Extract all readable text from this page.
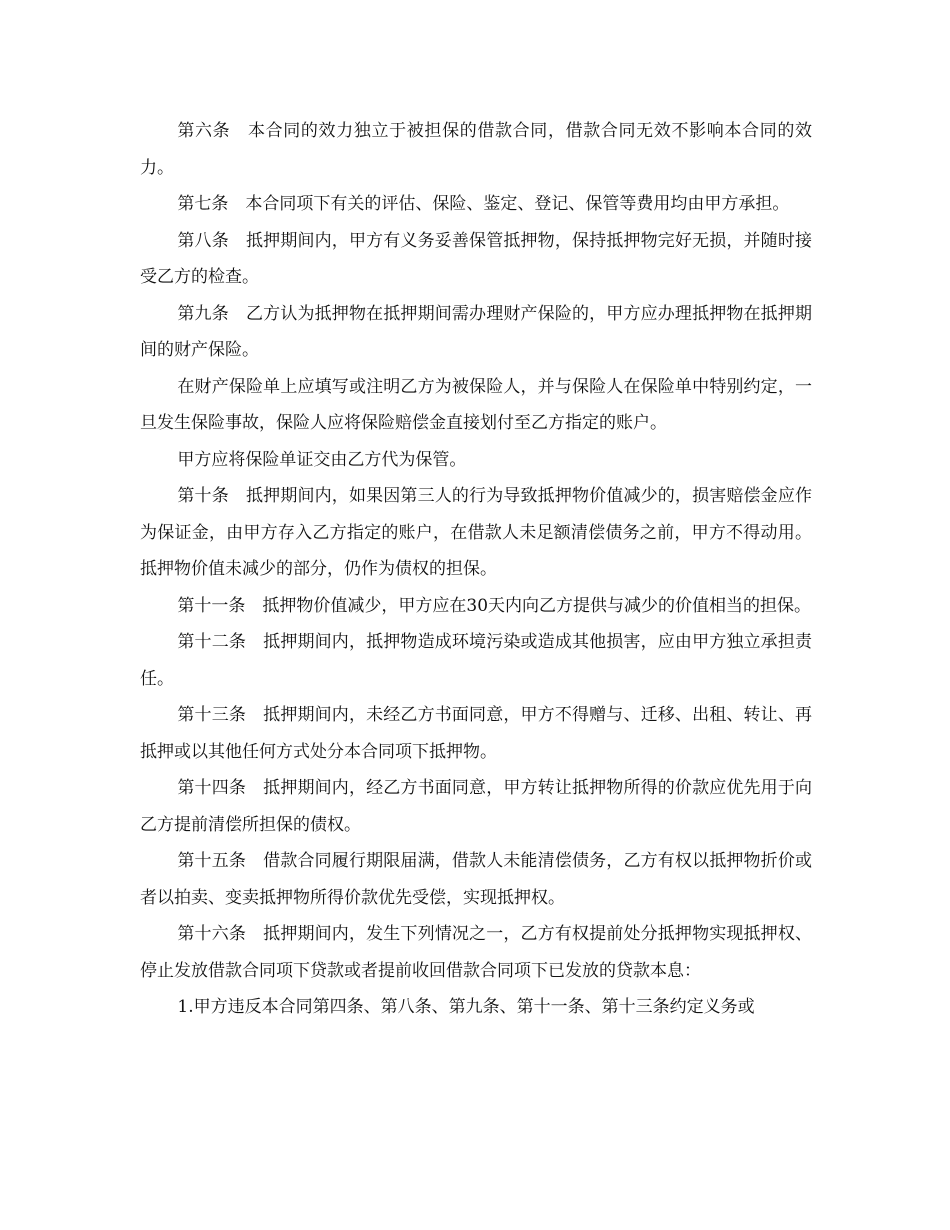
第六条　本合同的效力独立于被担保的借款合同，借款合同无效不影响本合同的效力。

第七条　本合同项下有关的评估、保险、鉴定、登记、保管等费用均由甲方承担。

第八条　抵押期间内，甲方有义务妥善保管抵押物，保持抵押物完好无损，并随时接受乙方的检查。

第九条　乙方认为抵押物在抵押期间需办理财产保险的，甲方应办理抵押物在抵押期间的财产保险。

在财产保险单上应填写或注明乙方为被保险人，并与保险人在保险单中特别约定，一旦发生保险事故，保险人应将保险赔偿金直接划付至乙方指定的账户。

甲方应将保险单证交由乙方代为保管。

第十条　抵押期间内，如果因第三人的行为导致抵押物价值减少的，损害赔偿金应作为保证金，由甲方存入乙方指定的账户，在借款人未足额清偿债务之前，甲方不得动用。抵押物价值未减少的部分，仍作为债权的担保。

第十一条　抵押物价值减少，甲方应在30天内向乙方提供与减少的价值相当的担保。

第十二条　抵押期间内，抵押物造成环境污染或造成其他损害，应由甲方独立承担责任。

第十三条　抵押期间内，未经乙方书面同意，甲方不得赠与、迁移、出租、转让、再抵押或以其他任何方式处分本合同项下抵押物。

第十四条　抵押期间内，经乙方书面同意，甲方转让抵押物所得的价款应优先用于向乙方提前清偿所担保的债权。

第十五条　借款合同履行期限届满，借款人未能清偿债务，乙方有权以抵押物折价或者以拍卖、变卖抵押物所得价款优先受偿，实现抵押权。

第十六条　抵押期间内，发生下列情况之一，乙方有权提前处分抵押物实现抵押权、停止发放借款合同项下贷款或者提前收回借款合同项下已发放的贷款本息：

1.甲方违反本合同第四条、第八条、第九条、第十一条、第十三条约定义务或
